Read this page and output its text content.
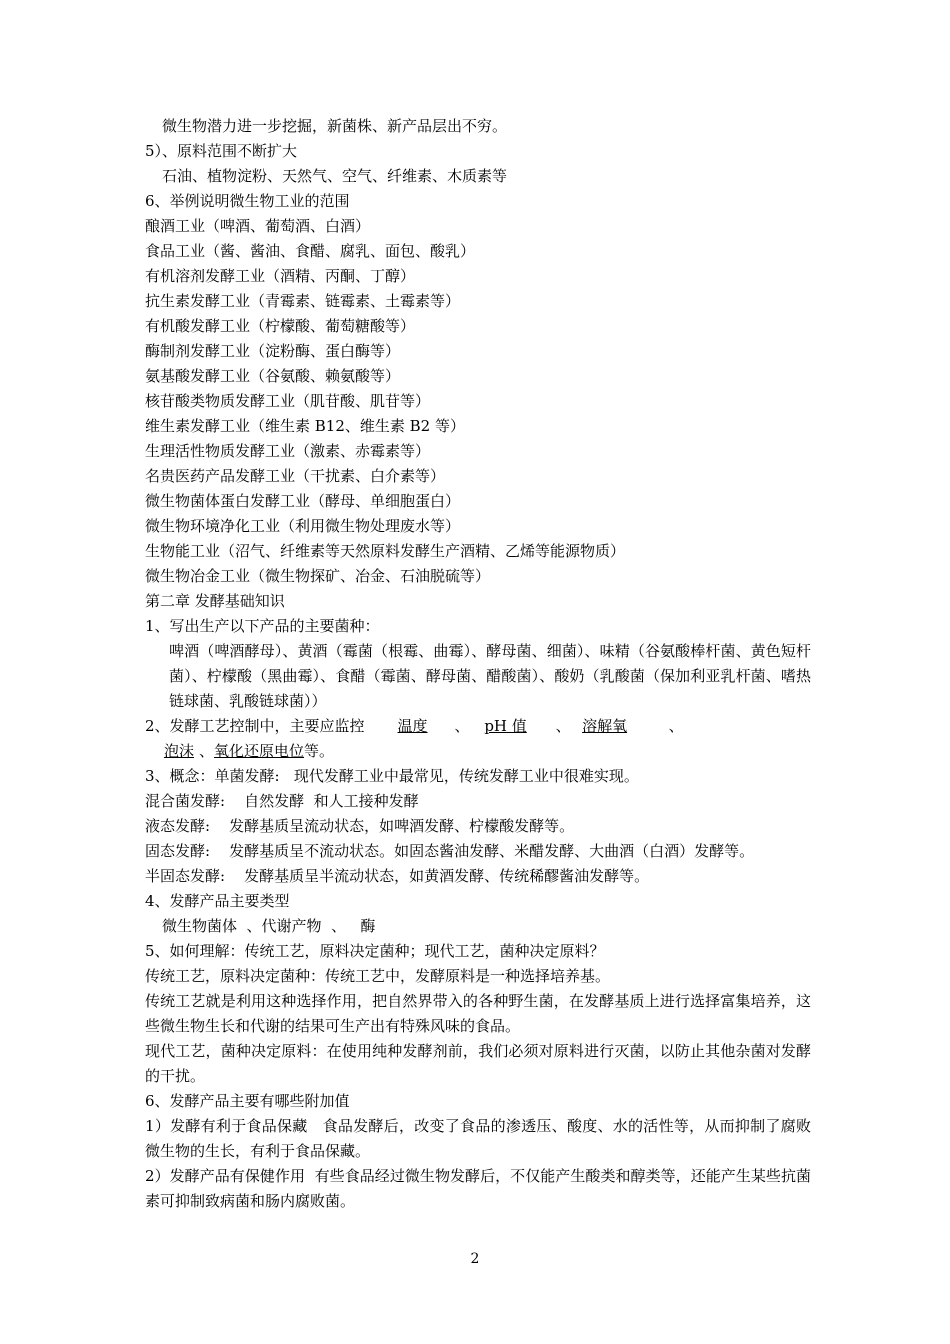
微生物潜力进一步挖掘，新菌株、新产品层出不穷。
5）、原料范围不断扩大
石油、植物淀粉、天然气、空气、纤维素、木质素等
6、举例说明微生物工业的范围
酿酒工业（啤酒、葡萄酒、白酒）
食品工业（酱、酱油、食醋、腐乳、面包、酸乳）
有机溶剂发酵工业（酒精、丙酮、丁醇）
抗生素发酵工业（青霉素、链霉素、土霉素等）
有机酸发酵工业（柠檬酸、葡萄糖酸等）
酶制剂发酵工业（淀粉酶、蛋白酶等）
氨基酸发酵工业（谷氨酸、赖氨酸等）
核苷酸类物质发酵工业（肌苷酸、肌苷等）
维生素发酵工业（维生素 B12、维生素 B2 等）
生理活性物质发酵工业（激素、赤霉素等）
名贵医药产品发酵工业（干扰素、白介素等）
微生物菌体蛋白发酵工业（酵母、单细胞蛋白）
微生物环境净化工业（利用微生物处理废水等）
生物能工业（沼气、纤维素等天然原料发酵生产酒精、乙烯等能源物质）
微生物冶金工业（微生物探矿、冶金、石油脱硫等）
第二章 发酵基础知识
1、写出生产以下产品的主要菌种：
啤酒（啤酒酵母）、黄酒（霉菌（根霉、曲霉）、酵母菌、细菌）、味精（谷氨酸棒杆菌、黄色短杆菌）、柠檬酸（黑曲霉）、食醋（霉菌、酵母菌、醋酸菌）、酸奶（乳酸菌（保加利亚乳杆菌、嗜热链球菌、乳酸链球菌））
2、发酵工艺控制中，主要应监控 温度 、 pH 值 、 溶解氧	、
泡沫 、氧化还原电位等。
3、概念：单菌发酵:   现代发酵工业中最常见，传统发酵工业中很难实现。
混合菌发酵:    自然发酵  和人工接种发酵
液态发酵:    发酵基质呈流动状态，如啤酒发酵、柠檬酸发酵等。
固态发酵:    发酵基质呈不流动状态。如固态酱油发酵、米醋发酵、大曲酒（白酒）发酵等。
半固态发酵:    发酵基质呈半流动状态，如黄酒发酵、传统稀醪酱油发酵等。
4、发酵产品主要类型
微生物菌体  、代谢产物  、   酶
5、如何理解：传统工艺，原料决定菌种；现代工艺，菌种决定原料？
传统工艺，原料决定菌种：传统工艺中，发酵原料是一种选择培养基。
传统工艺就是利用这种选择作用，把自然界带入的各种野生菌，在发酵基质上进行选择富集培养，这些微生物生长和代谢的结果可生产出有特殊风味的食品。
现代工艺，菌种决定原料：在使用纯种发酵剂前，我们必须对原料进行灭菌，以防止其他杂菌对发酵的干扰。
6、发酵产品主要有哪些附加值
1）发酵有利于食品保藏   食品发酵后，改变了食品的渗透压、酸度、水的活性等，从而抑制了腐败微生物的生长，有利于食品保藏。
2）发酵产品有保健作用  有些食品经过微生物发酵后，不仅能产生酸类和醇类等，还能产生某些抗菌素可抑制致病菌和肠内腐败菌。
2
